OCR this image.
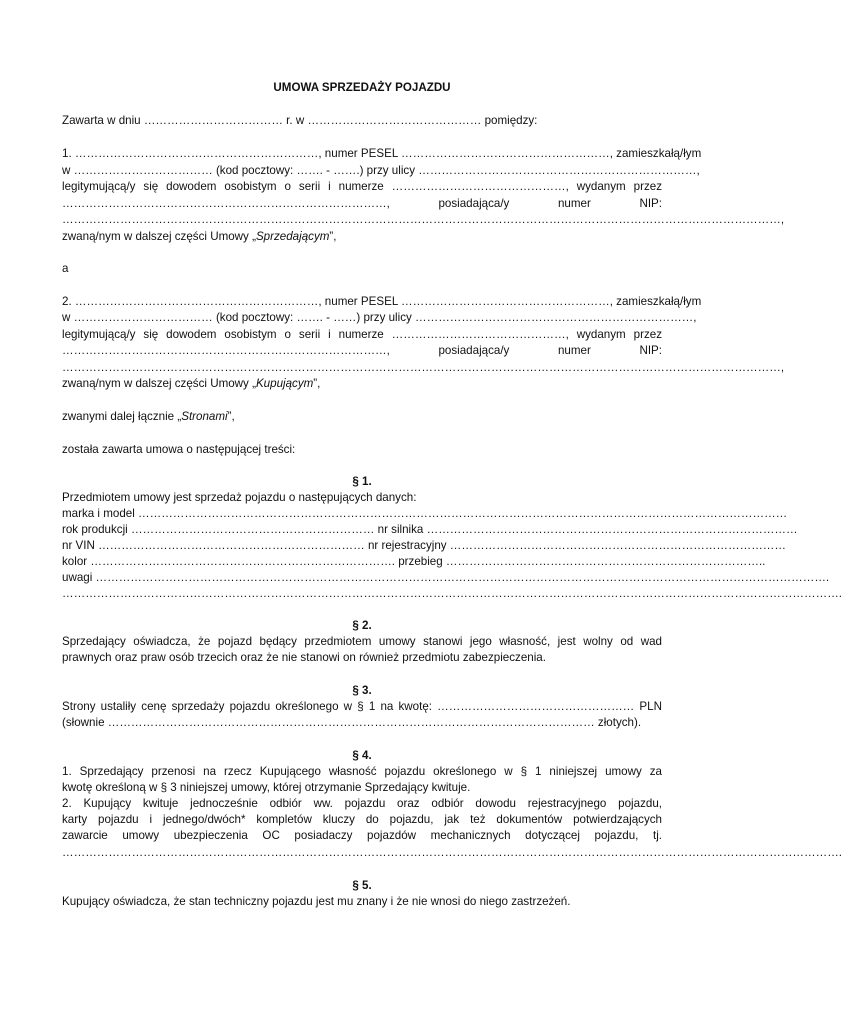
UMOWA SPRZEDAŻY POJAZDU
Zawarta w dniu ……………………………… r. w ……………………………………… pomiędzy:
1. ………………………………………………………, numer PESEL ………………………………………………, zamieszkałą/łym
w ……………………………… (kod pocztowy: ……. - …….) przy ulicy ………………………………………………………………,
legitymującą/y się dowodem osobistym o serii i numerze ………………………………………, wydanym przez
…………………………………………………………………………, posiadająca/y numer NIP:
……………………………………………………………………………………………………………………………………………………………………,
zwaną/nym w dalszej części Umowy „Sprzedającym”,
a
2. ………………………………………………………, numer PESEL ………………………………………………, zamieszkałą/łym
w ……………………………… (kod pocztowy: ……. - ……) przy ulicy ………………………………………………………………,
legitymującą/y się dowodem osobistym o serii i numerze ………………………………………, wydanym przez
…………………………………………………………………………, posiadająca/y numer NIP:
……………………………………………………………………………………………………………………………………………………………………,
zwaną/nym w dalszej części Umowy „Kupującym”,
zwanymi dalej łącznie „Stronami”,
została zawarta umowa o następującej treści:
§ 1.
Przedmiotem umowy jest sprzedaż pojazdu o następujących danych:
marka i model ……………………………………………………………………………………………………………………………………………………
rok produkcji ……………………………………………………… nr silnika ……………………………………………………………………………………
nr VIN …………………………………………………………… nr rejestracyjny ……………………………………………………………………………
kolor ……………………………………………………………………. przebieg ………………………………………………………………………..
uwagi ……………………………………………………………………………………………………………………………………………………………………….
………………………………………………………………………………………………………………………………………………………………………………….
§ 2.
Sprzedający oświadcza, że pojazd będący przedmiotem umowy stanowi jego własność, jest wolny od wad
prawnych oraz praw osób trzecich oraz że nie stanowi on również przedmiotu zabezpieczenia.
§ 3.
Strony ustaliły cenę sprzedaży pojazdu określonego w § 1 na kwotę: …………………………………………… PLN
(słownie ……………………………………………………………………………………………………………… złotych).
§ 4.
1. Sprzedający przenosi na rzecz Kupującego własność pojazdu określonego w § 1 niniejszej umowy za
kwotę określoną w § 3 niniejszej umowy, której otrzymanie Sprzedający kwituje.
2. Kupujący kwituje jednocześnie odbiór ww. pojazdu oraz odbiór dowodu rejestracyjnego pojazdu,
karty pojazdu i jednego/dwóch* kompletów kluczy do pojazdu, jak też dokumentów potwierdzających
zawarcie umowy ubezpieczenia OC posiadaczy pojazdów mechanicznych dotyczącej pojazdu, tj.
………………………………………………………………………………………………………………………………………………………………………………….
§ 5.
Kupujący oświadcza, że stan techniczny pojazdu jest mu znany i że nie wnosi do niego zastrzeżeń.
